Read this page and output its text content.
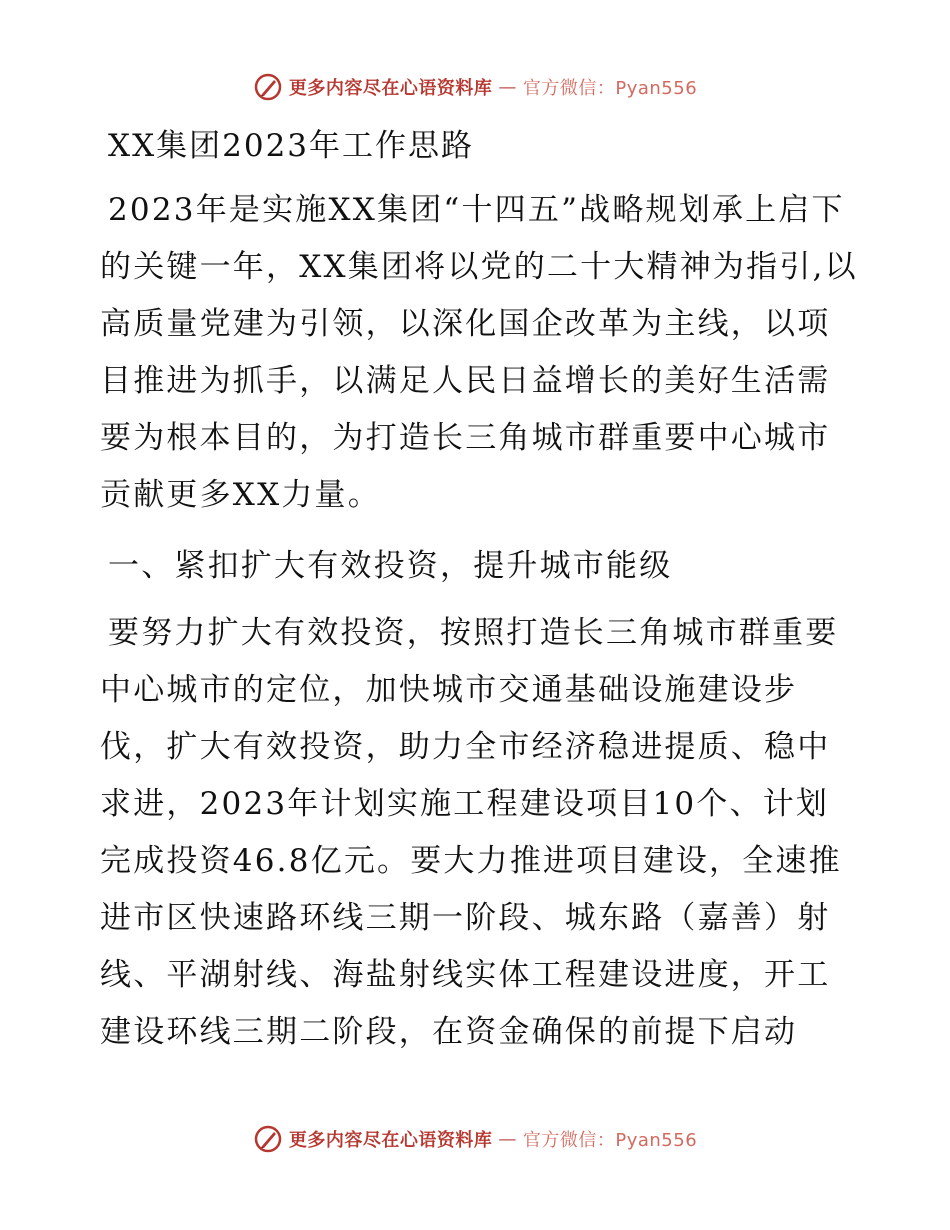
更多内容尽在心语资料库 — 官方微信：Pyan556
XX集团2023年工作思路

2023年是实施XX集团“十四五”战略规划承上启下的关键一年，XX集团将以党的二十大精神为指引,以高质量党建为引领，以深化国企改革为主线，以项目推进为抓手，以满足人民日益增长的美好生活需要为根本目的，为打造长三角城市群重要中心城市贡献更多XX力量。

一、紧扣扩大有效投资，提升城市能级

要努力扩大有效投资，按照打造长三角城市群重要中心城市的定位，加快城市交通基础设施建设步伐，扩大有效投资，助力全市经济稳进提质、稳中求进，2023年计划实施工程建设项目10个、计划完成投资46.8亿元。要大力推进项目建设，全速推进市区快速路环线三期一阶段、城东路（嘉善）射线、平湖射线、海盐射线实体工程建设进度，开工建设环线三期二阶段，在资金确保的前提下启动

更多内容尽在心语资料库 — 官方微信：Pyan556
